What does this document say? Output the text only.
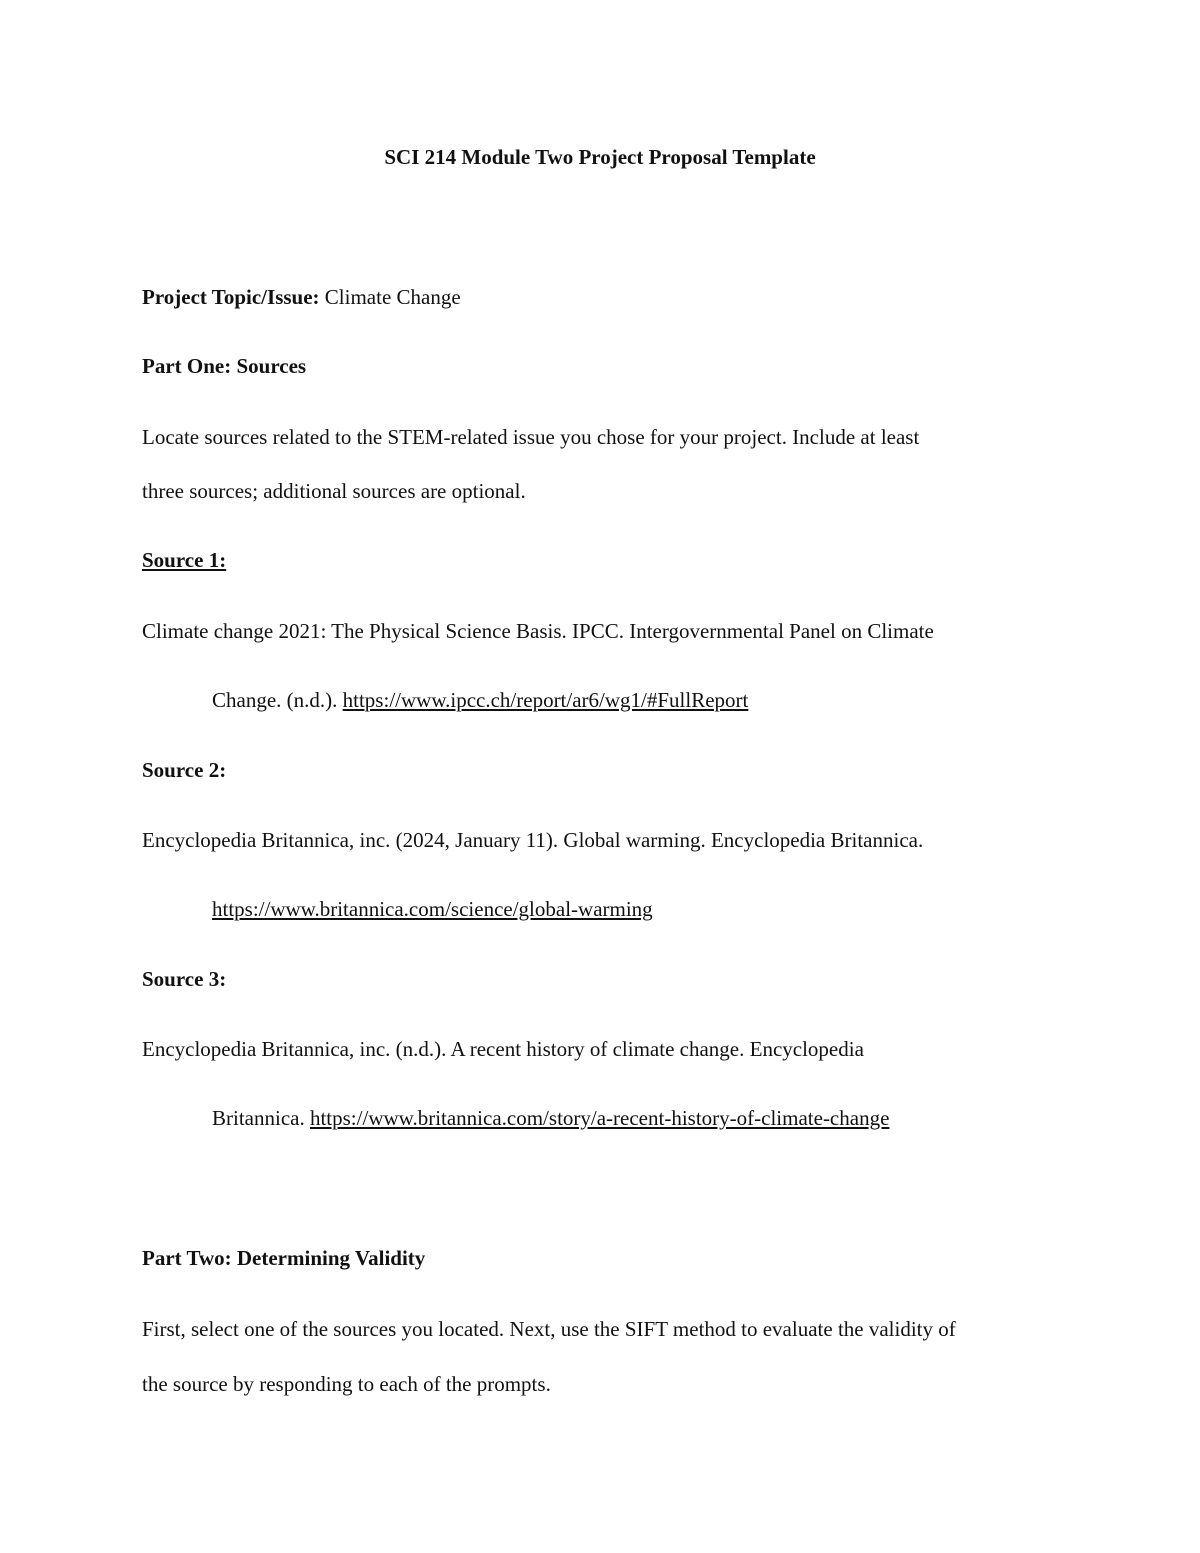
SCI 214 Module Two Project Proposal Template
Project Topic/Issue: Climate Change
Part One: Sources
Locate sources related to the STEM-related issue you chose for your project. Include at least
three sources; additional sources are optional.
Source 1:
Climate change 2021: The Physical Science Basis. IPCC. Intergovernmental Panel on Climate
Change. (n.d.). https://www.ipcc.ch/report/ar6/wg1/#FullReport
Source 2:
Encyclopedia Britannica, inc. (2024, January 11). Global warming. Encyclopedia Britannica.
https://www.britannica.com/science/global-warming
Source 3:
Encyclopedia Britannica, inc. (n.d.). A recent history of climate change. Encyclopedia
Britannica. https://www.britannica.com/story/a-recent-history-of-climate-change
Part Two: Determining Validity
First, select one of the sources you located. Next, use the SIFT method to evaluate the validity of
the source by responding to each of the prompts.
